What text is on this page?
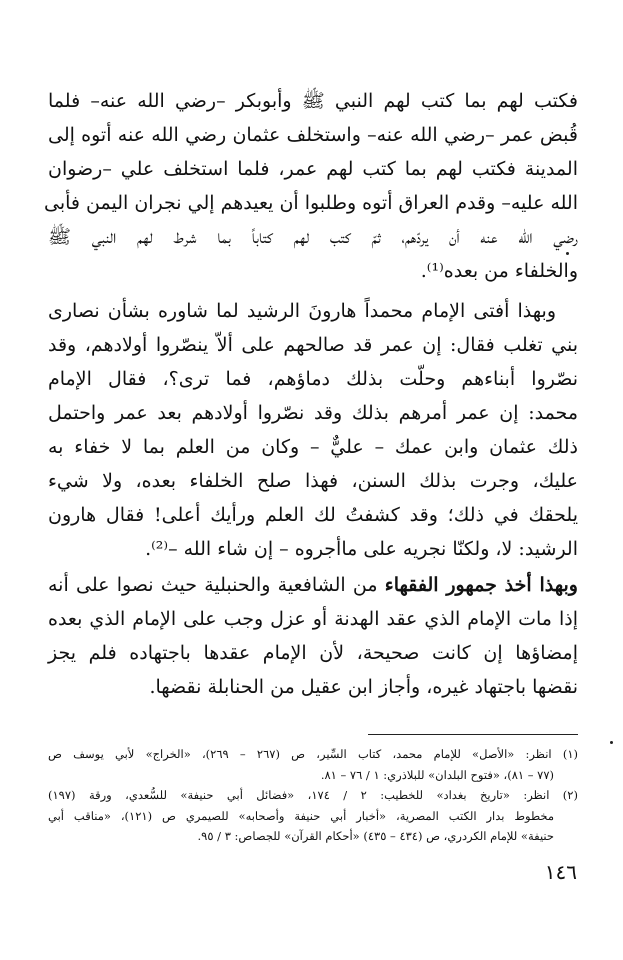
فكتب لهم بما كتب لهم النبي ﷺ وأبوبكر –رضي الله عنه– فلما
قُبض عمر –رضي الله عنه– واستخلف عثمان رضي الله عنه أتوه إلى
المدينة فكتب لهم بما كتب لهم عمر، فلما استخلف علي –رضوان
الله عليه– وقدم العراق أتوه وطلبوا أن يعيدهم إلي نجران اليمن فأبى
رضي الله عنه أن يردّهم، ثمّ كتب لهم كتاباً بما شرط لهم النبي ﷺ
والخلفاء من بعده⁽¹⁾.
وبهذا أفتى الإمام محمداً هارونَ الرشيد لما شاوره بشأن نصارى
بني تغلب فقال: إن عمر قد صالحهم على ألاّ ينصّروا أولادهم، وقد
نصّروا أبناءهم وحلّت بذلك دماؤهم، فما ترى؟، فقال الإمام
محمد: إن عمر أمرهم بذلك وقد نصّروا أولادهم بعد عمر واحتمل
ذلك عثمان وابن عمك – عليٌّ – وكان من العلم بما لا خفاء به
عليك، وجرت بذلك السنن، فهذا صلح الخلفاء بعده، ولا شيء
يلحقك في ذلك؛ وقد كشفتُ لك العلم ورأيك أعلى! فقال هارون
الرشيد: لا، ولكنّا نجريه على ماأجروه – إن شاء الله –⁽²⁾.
وبهذا أخذ جمهور الفقهاء من الشافعية والحنبلية حيث نصوا على أنه
إذا مات الإمام الذي عقد الهدنة أو عزل وجب على الإمام الذي بعده
إمضاؤها إن كانت صحيحة، لأن الإمام عقدها باجتهاده فلم يجز
نقضها باجتهاد غيره، وأجاز ابن عقيل من الحنابلة نقضها.
(١) انظر: «الأصل» للإمام محمد، كتاب السِّير، ص (٢٦٧ – ٢٦٩)، «الخراج» لأبي يوسف ص
(٧٧ – ٨١)، «فتوح البلدان» للبلاذري: ١ / ٧٦ – ٨١.
(٢) انظر: «تاريخ بغداد» للخطيب: ٢ / ١٧٤، «فضائل أبي حنيفة» للسُّعدي، ورقة (١٩٧)
مخطوط بدار الكتب المصرية، «أخبار أبي حنيفة وأصحابه» للصيمري ص (١٢١)، «مناقب أبي
حنيفة» للإمام الكردري، ص (٤٣٤ – ٤٣٥) «أحكام القرآن» للجصاص: ٣ / ٩٥.
١٤٦
